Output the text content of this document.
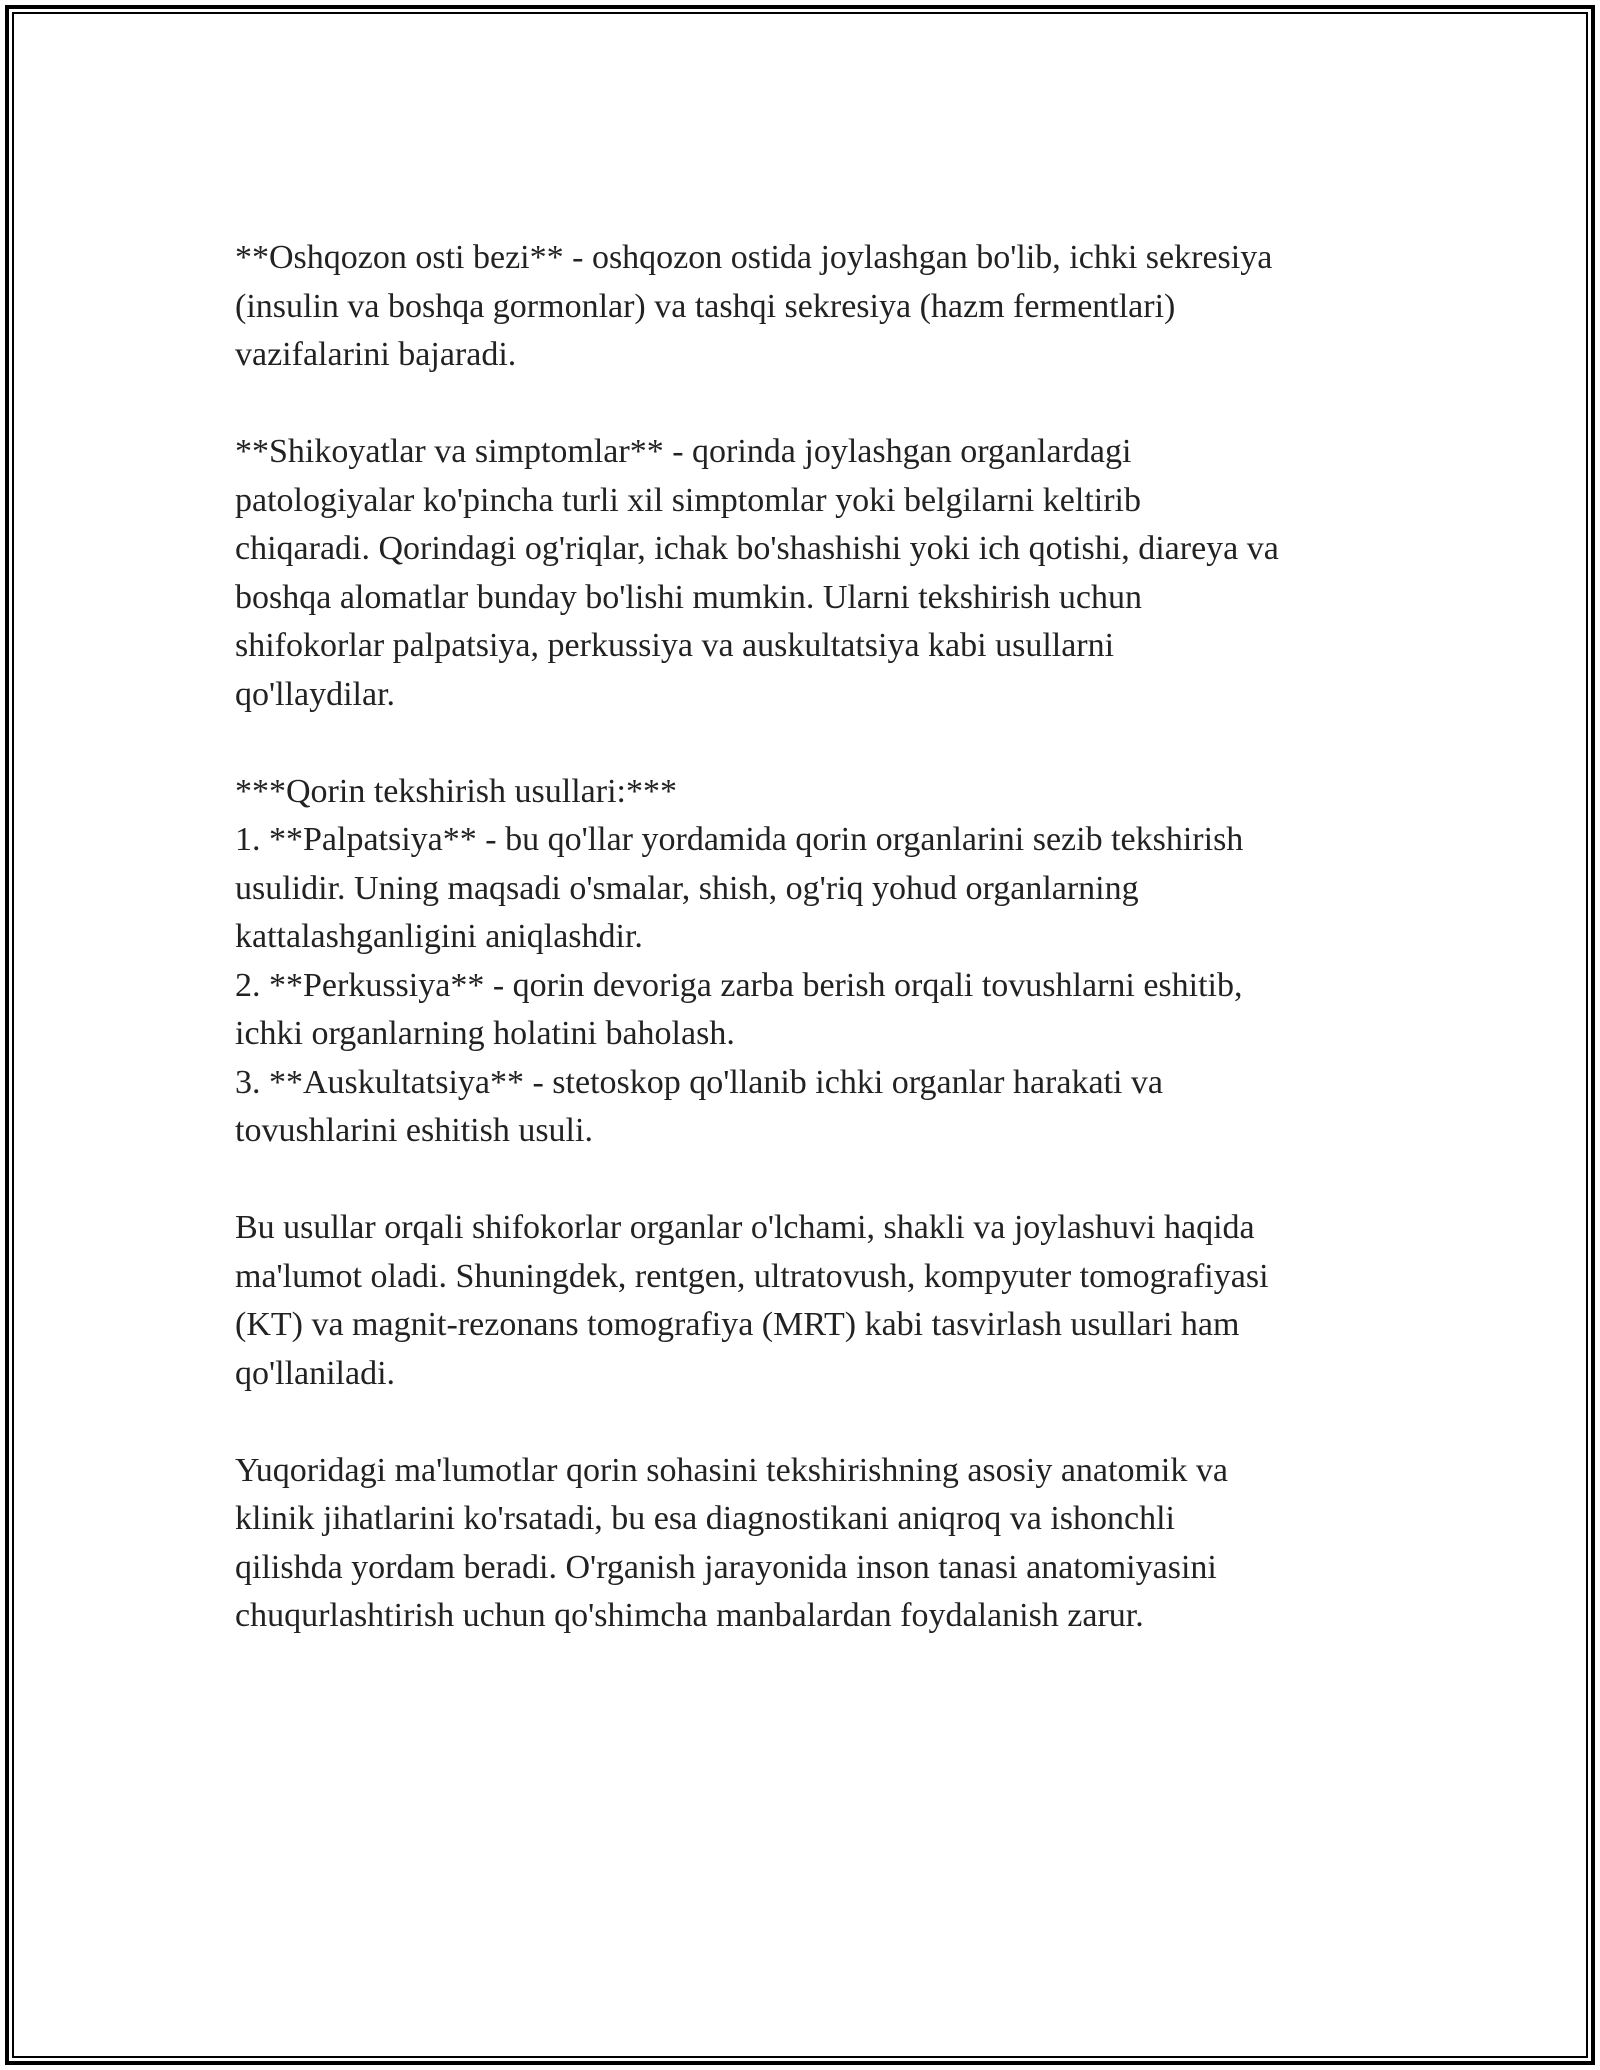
**Oshqozon osti bezi** - oshqozon ostida joylashgan bo'lib, ichki sekresiya
(insulin va boshqa gormonlar) va tashqi sekresiya (hazm fermentlari)
vazifalarini bajaradi.

**Shikoyatlar va simptomlar** - qorinda joylashgan organlardagi
patologiyalar ko'pincha turli xil simptomlar yoki belgilarni keltirib
chiqaradi. Qorindagi og'riqlar, ichak bo'shashishi yoki ich qotishi, diareya va
boshqa alomatlar bunday bo'lishi mumkin. Ularni tekshirish uchun
shifokorlar palpatsiya, perkussiya va auskultatsiya kabi usullarni
qo'llaydilar.

***Qorin tekshirish usullari:***
1. **Palpatsiya** - bu qo'llar yordamida qorin organlarini sezib tekshirish
usulidir. Uning maqsadi o'smalar, shish, og'riq yohud organlarning
kattalashganligini aniqlashdir.
2. **Perkussiya** - qorin devoriga zarba berish orqali tovushlarni eshitib,
ichki organlarning holatini baholash.
3. **Auskultatsiya** - stetoskop qo'llanib ichki organlar harakati va
tovushlarini eshitish usuli.

Bu usullar orqali shifokorlar organlar o'lchami, shakli va joylashuvi haqida
ma'lumot oladi. Shuningdek, rentgen, ultratovush, kompyuter tomografiyasi
(KT) va magnit-rezonans tomografiya (MRT) kabi tasvirlash usullari ham
qo'llaniladi.

Yuqoridagi ma'lumotlar qorin sohasini tekshirishning asosiy anatomik va
klinik jihatlarini ko'rsatadi, bu esa diagnostikani aniqroq va ishonchli
qilishda yordam beradi. O'rganish jarayonida inson tanasi anatomiyasini
chuqurlashtirish uchun qo'shimcha manbalardan foydalanish zarur.
